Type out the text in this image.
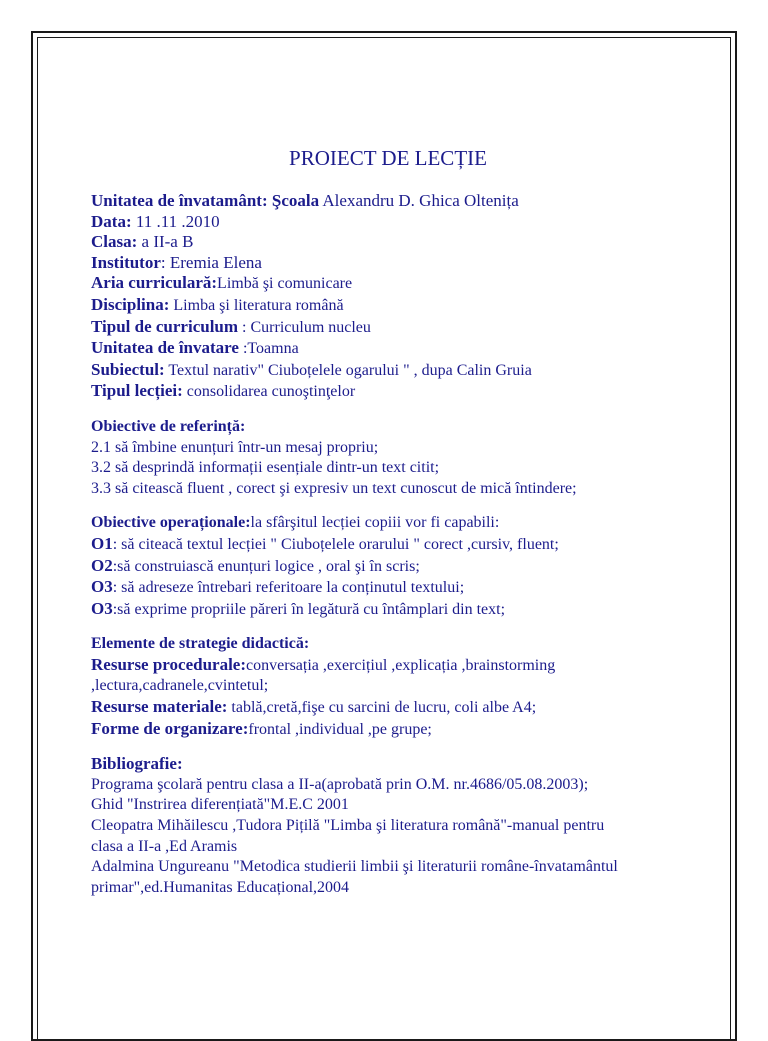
PROIECT DE LECȚIE

Unitatea de învatamânt: Şcoala Alexandru D. Ghica Oltenița
Data: 11 .11 .2010
Clasa: a II-a B
Institutor: Eremia Elena
Aria curriculară:Limbă şi comunicare
Disciplina: Limba şi literatura română
Tipul de curriculum : Curriculum nucleu
Unitatea de învatare :Toamna
Subiectul: Textul narativ" Ciuboțelele ogarului " , dupa Calin Gruia
Tipul lecției: consolidarea cunoştinţelor
Obiective de referință:
2.1 să îmbine enunțuri într-un mesaj propriu;
3.2 să desprindă informații esențiale dintr-un text citit;
3.3 să citească fluent , corect şi expresiv un text cunoscut de mică întindere;
Obiective operaționale:la sfârşitul lecției copiii vor fi capabili:
O1: să citeacă textul lecției " Ciuboțelele orarului " corect ,cursiv, fluent;
O2:să construiască enunțuri logice , oral şi în scris;
O3: să adreseze întrebari referitoare la conținutul textului;
O3:să exprime propriile păreri în legătură cu întâmplari din text;
Elemente de strategie didactică:
Resurse procedurale:conversația ,exercițiul ,explicația ,brainstorming
,lectura,cadranele,cvintetul;
Resurse materiale: tablă,cretă,fişe cu sarcini de lucru, coli albe A4;
Forme de organizare:frontal ,individual ,pe grupe;
Bibliografie:
Programa şcolară pentru clasa a II-a(aprobată prin O.M. nr.4686/05.08.2003);
Ghid "Instrirea diferențiată"M.E.C 2001
Cleopatra Mihăilescu ,Tudora Pițilă "Limba şi literatura română"-manual pentru
clasa a II-a ,Ed Aramis
Adalmina Ungureanu "Metodica studierii limbii şi literaturii române-învatamântul
primar",ed.Humanitas Educațional,2004
